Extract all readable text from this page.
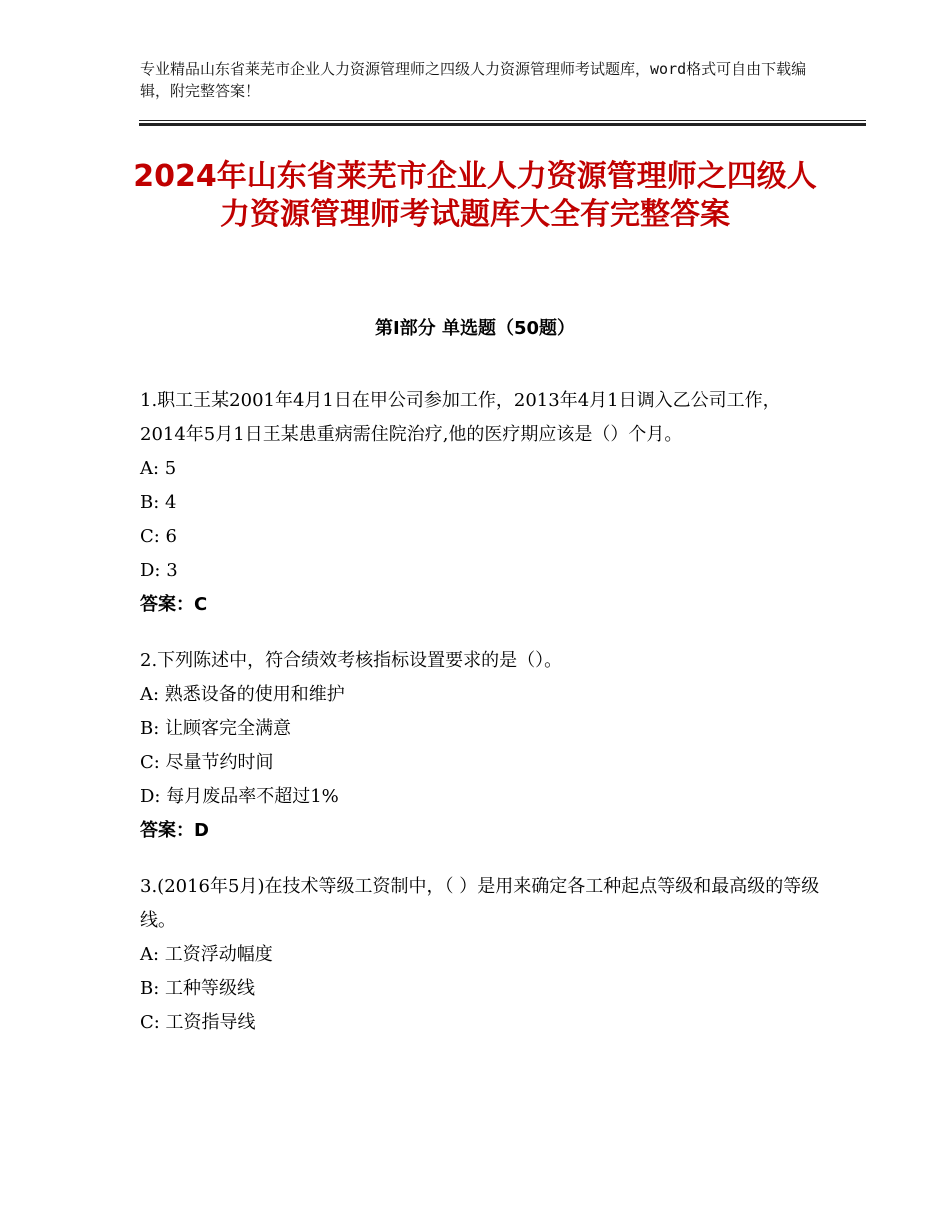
专业精品山东省莱芜市企业人力资源管理师之四级人力资源管理师考试题库，word格式可自由下载编辑，附完整答案！
2024年山东省莱芜市企业人力资源管理师之四级人力资源管理师考试题库大全有完整答案
第Ⅰ部分 单选题（50题）

1.职工王某2001年4月1日在甲公司参加工作，2013年4月1日调入乙公司工作，2014年5月1日王某患重病需住院治疗,他的医疗期应该是（）个月。

A: 5

B: 4

C: 6

D: 3

答案：C

2.下列陈述中，符合绩效考核指标设置要求的是（）。

A: 熟悉设备的使用和维护

B: 让顾客完全满意

C: 尽量节约时间

D: 每月废品率不超过1%

答案：D

3.(2016年5月)在技术等级工资制中，（ ）是用来确定各工种起点等级和最高级的等级线。

A: 工资浮动幅度

B: 工种等级线

C: 工资指导线
